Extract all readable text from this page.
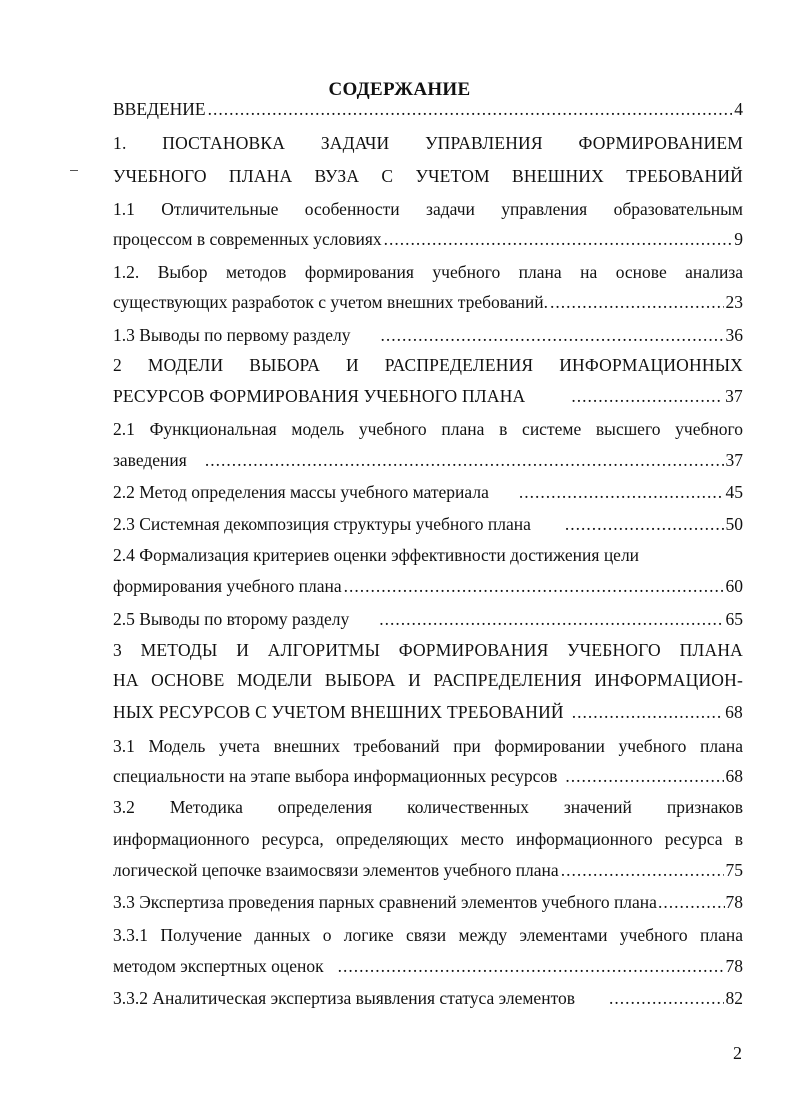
СОДЕРЖАНИЕ
ВВЕДЕНИЕ .....	4
1. ПОСТАНОВКА ЗАДАЧИ УПРАВЛЕНИЯ ФОРМИРОВАНИЕМ
УЧЕБНОГО ПЛАНА ВУЗА С УЧЕТОМ ВНЕШНИХ ТРЕБОВАНИЙ
1.1 Отличительные особенности задачи управления образовательным
процессом в современных условиях .....	9
1.2. Выбор методов формирования учебного плана на основе анализа
существующих разработок с учетом внешних требований. .....	23
1.3 Выводы по первому разделу .....	36
2 МОДЕЛИ ВЫБОРА И РАСПРЕДЕЛЕНИЯ ИНФОРМАЦИОННЫХ
РЕСУРСОВ ФОРМИРОВАНИЯ УЧЕБНОГО ПЛАНА .....	37
2.1 Функциональная модель учебного плана в системе высшего учебного
заведения .....	37
2.2 Метод определения массы учебного материала .....	45
2.3 Системная декомпозиция структуры учебного плана .....	50
2.4 Формализация критериев оценки эффективности достижения цели
формирования учебного плана .....	60
2.5 Выводы по второму разделу .....	65
3 МЕТОДЫ И АЛГОРИТМЫ ФОРМИРОВАНИЯ УЧЕБНОГО ПЛАНА
НА ОСНОВЕ МОДЕЛИ ВЫБОРА И РАСПРЕДЕЛЕНИЯ ИНФОРМАЦИОН-
НЫХ РЕСУРСОВ С УЧЕТОМ ВНЕШНИХ ТРЕБОВАНИЙ .....	68
3.1 Модель учета внешних требований при формировании учебного плана
специальности на этапе выбора информационных ресурсов .....	68
3.2 Методика определения количественных значений признаков
информационного ресурса, определяющих место информационного ресурса в
логической цепочке взаимосвязи элементов учебного плана .....	75
3.3 Экспертиза проведения парных сравнений элементов учебного плана .....	78
3.3.1 Получение данных о логике связи между элементами учебного плана
методом экспертных оценок .....	78
3.3.2 Аналитическая экспертиза выявления статуса элементов .....	82
2
